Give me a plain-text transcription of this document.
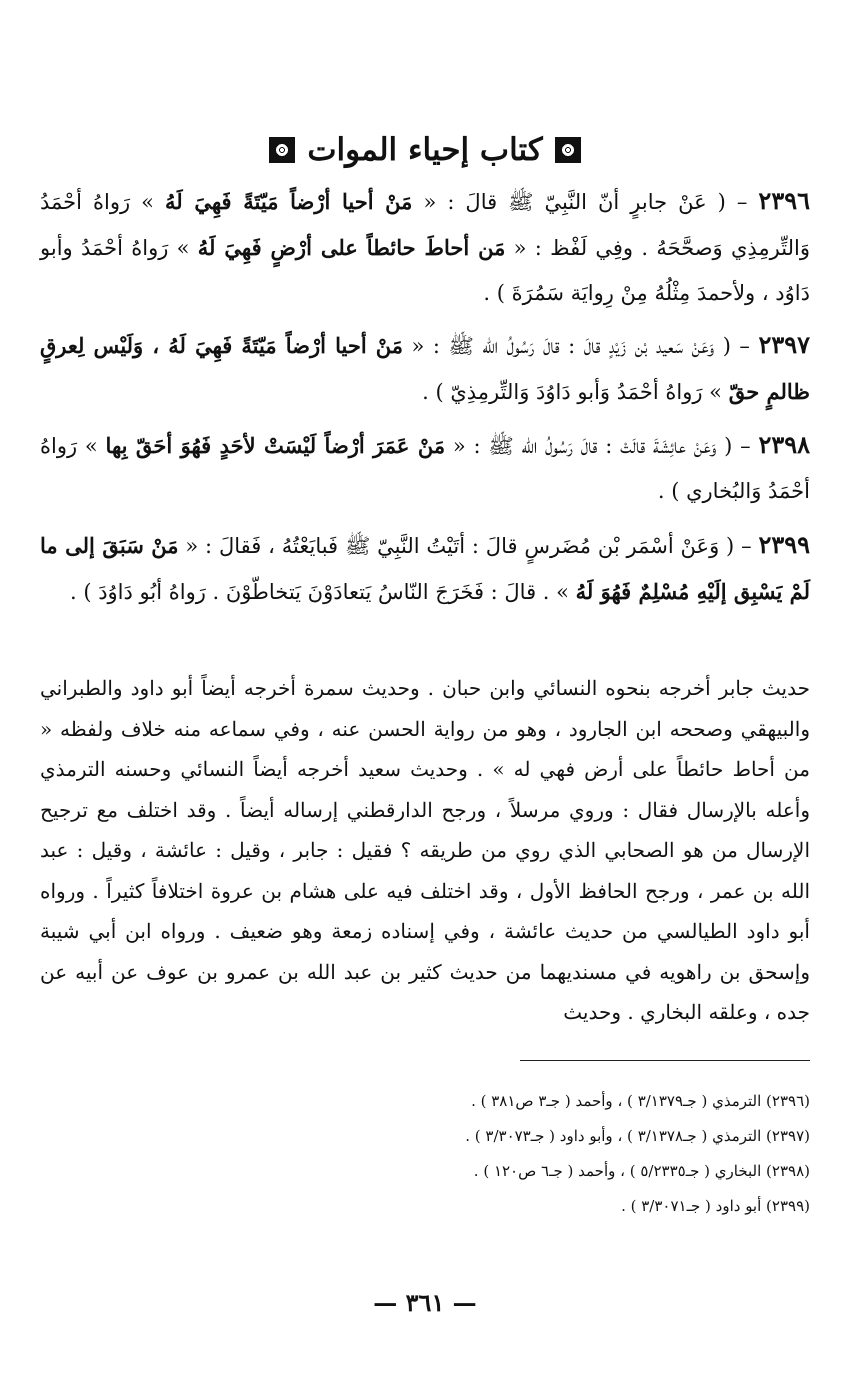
كتاب إحياء الموات
٢٣٩٦ – ( عَنْ جابرٍ أنّ النَّبِيّ ﷺ قالَ : « مَنْ أحيا أرْضاً مَيّتَةً فَهِيَ لَهُ » رَواهُ أحْمَدُ وَالتِّرمِذِي وَصحَّحَهُ . وفِي لَفْظ : « مَن أحاطَ حائطاً على أرْضٍ فَهِيَ لَهُ » رَواهُ أحْمَدُ وأبو دَاوُد ، ولأحمدَ مِثْلُهُ مِنْ رِوايَة سَمُرَةَ ) .
٢٣٩٧ – ( وَعَنْ سَعيد بْن زَيْدٍ قالَ : قالَ رَسُولُ الله ﷺ : « مَنْ أحيا أرْضاً مَيّتَةً فَهِيَ لَهُ ، وَلَيْس لِعرقٍ ظالمٍ حقّ » رَواهُ أحْمَدُ وَأبو دَاوُدَ وَالتِّرمِذِيّ ) .
٢٣٩٨ – ( وَعَنْ عائِشَةَ قالَتْ : قالَ رَسُولُ الله ﷺ : « مَنْ عَمَرَ أرْضاً لَيْسَتْ لأحَدٍ فَهُوَ أحَقّ بِها » رَواهُ أحْمَدُ وَالبُخاري ) .
٢٣٩٩ – ( وَعَنْ أسْمَر بْن مُضَرسٍ قالَ : أتَيْتُ النَّبِيّ ﷺ فَبايَعْتُهُ ، فَقالَ : « مَنْ سَبَقَ إلى ما لَمْ يَسْبِق إلَيْهِ مُسْلِمٌ فَهُوَ لَهُ » . قالَ : فَخَرَجَ النّاسُ يَتعادَوْنَ يَتخاطّوْنَ . رَواهُ أبُو دَاوُدَ ) .
حديث جابر أخرجه بنحوه النسائي وابن حبان . وحديث سمرة أخرجه أيضاً أبو داود والطبراني والبيهقي وصححه ابن الجارود ، وهو من رواية الحسن عنه ، وفي سماعه منه خلاف ولفظه « من أحاط حائطاً على أرض فهي له » . وحديث سعيد أخرجه أيضاً النسائي وحسنه الترمذي وأعله بالإرسال فقال : وروي مرسلاً ، ورجح الدارقطني إرساله أيضاً . وقد اختلف مع ترجيح الإرسال من هو الصحابي الذي روي من طريقه ؟ فقيل : جابر ، وقيل : عائشة ، وقيل : عبد الله بن عمر ، ورجح الحافظ الأول ، وقد اختلف فيه على هشام بن عروة اختلافاً كثيراً . ورواه أبو داود الطيالسي من حديث عائشة ، وفي إسناده زمعة وهو ضعيف . ورواه ابن أبي شيبة وإسحق بن راهويه في مسنديهما من حديث كثير بن عبد الله بن عمرو بن عوف عن أبيه عن جده ، وعلقه البخاري . وحديث
(٢٣٩٦) الترمذي ( جـ٣/١٣٧٩ ) ، وأحمد ( جـ٣ ص٣٨١ ) .
(٢٣٩٧) الترمذي ( جـ٣/١٣٧٨ ) ، وأبو داود ( جـ٣/٣٠٧٣ ) .
(٢٣٩٨) البخاري ( جـ٥/٢٣٣٥ ) ، وأحمد ( جـ٦ ص١٢٠ ) .
(٢٣٩٩) أبو داود ( جـ٣/٣٠٧١ ) .
— ٣٦١ —
